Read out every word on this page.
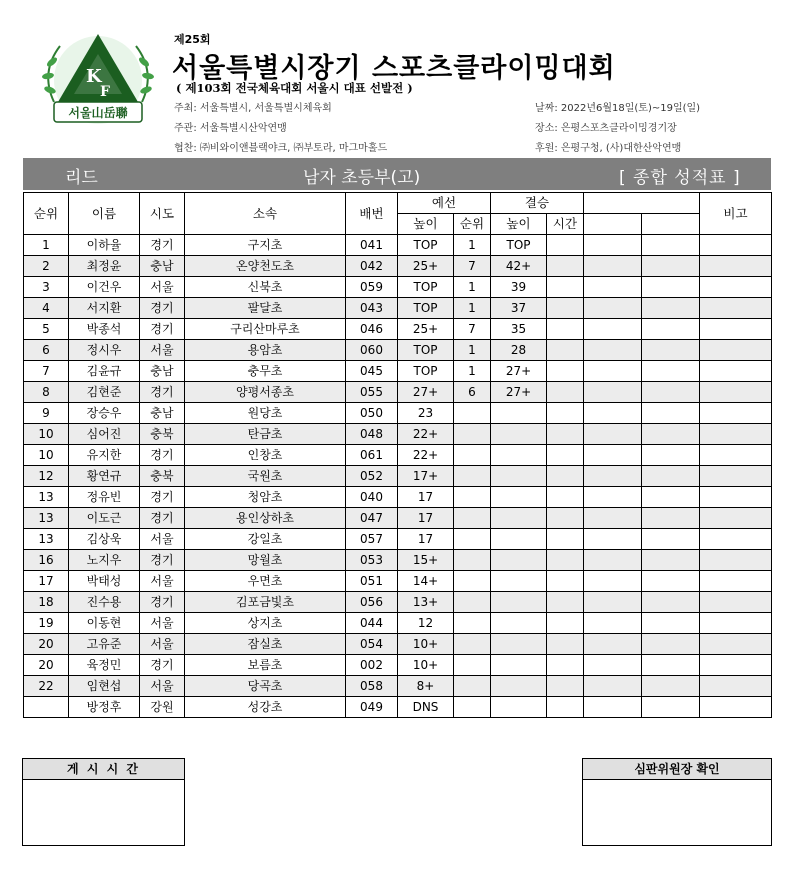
K
F
서울山岳聯
제25회
서울특별시장기 스포츠클라이밍대회
( 제103회 전국체육대회 서울시 대표 선발전 )
주최: 서울특별시, 서울특별시체육회
주관: 서울특별시산악연맹
협찬: ㈜비와이앤블랙야크, ㈜부토라, 마그마홀드
날짜: 2022년6월18일(토)~19일(일)
장소: 은평스포츠클라이밍경기장
후원: 은평구청, (사)대한산악연맹
리드	남자 초등부(고)	[ 종합 성적표 ]
순위	이름	시도	소속	배번	예선		결승				비고
					높이	순위	높이	시간			
1	이하율	경기	구지초	041	TOP	1	TOP				
2	최정윤	충남	온양천도초	042	25+	7	42+				
3	이건우	서울	신북초	059	TOP	1	39				
4	서지환	경기	팔달초	043	TOP	1	37				
5	박종석	경기	구리산마루초	046	25+	7	35				
6	정시우	서울	용암초	060	TOP	1	28				
7	김윤규	충남	충무초	045	TOP	1	27+				
8	김현준	경기	양평서종초	055	27+	6	27+				
9	장승우	충남	원당초	050	23						
10	심어진	충북	탄금초	048	22+						
10	유지한	경기	인창초	061	22+						
12	황연규	충북	국원초	052	17+						
13	정유빈	경기	청암초	040	17						
13	이도근	경기	용인상하초	047	17						
13	김상욱	서울	강일초	057	17						
16	노지우	경기	망월초	053	15+						
17	박태성	서울	우면초	051	14+						
18	진수용	경기	김포금빛초	056	13+						
19	이동현	서울	상지초	044	12						
20	고유준	서울	잠실초	054	10+						
20	육정민	경기	보름초	002	10+						
22	임현섭	서울	당곡초	058	8+						
	방정후	강원	성강초	049	DNS						
게 시 시 간	심판위원장 확인
